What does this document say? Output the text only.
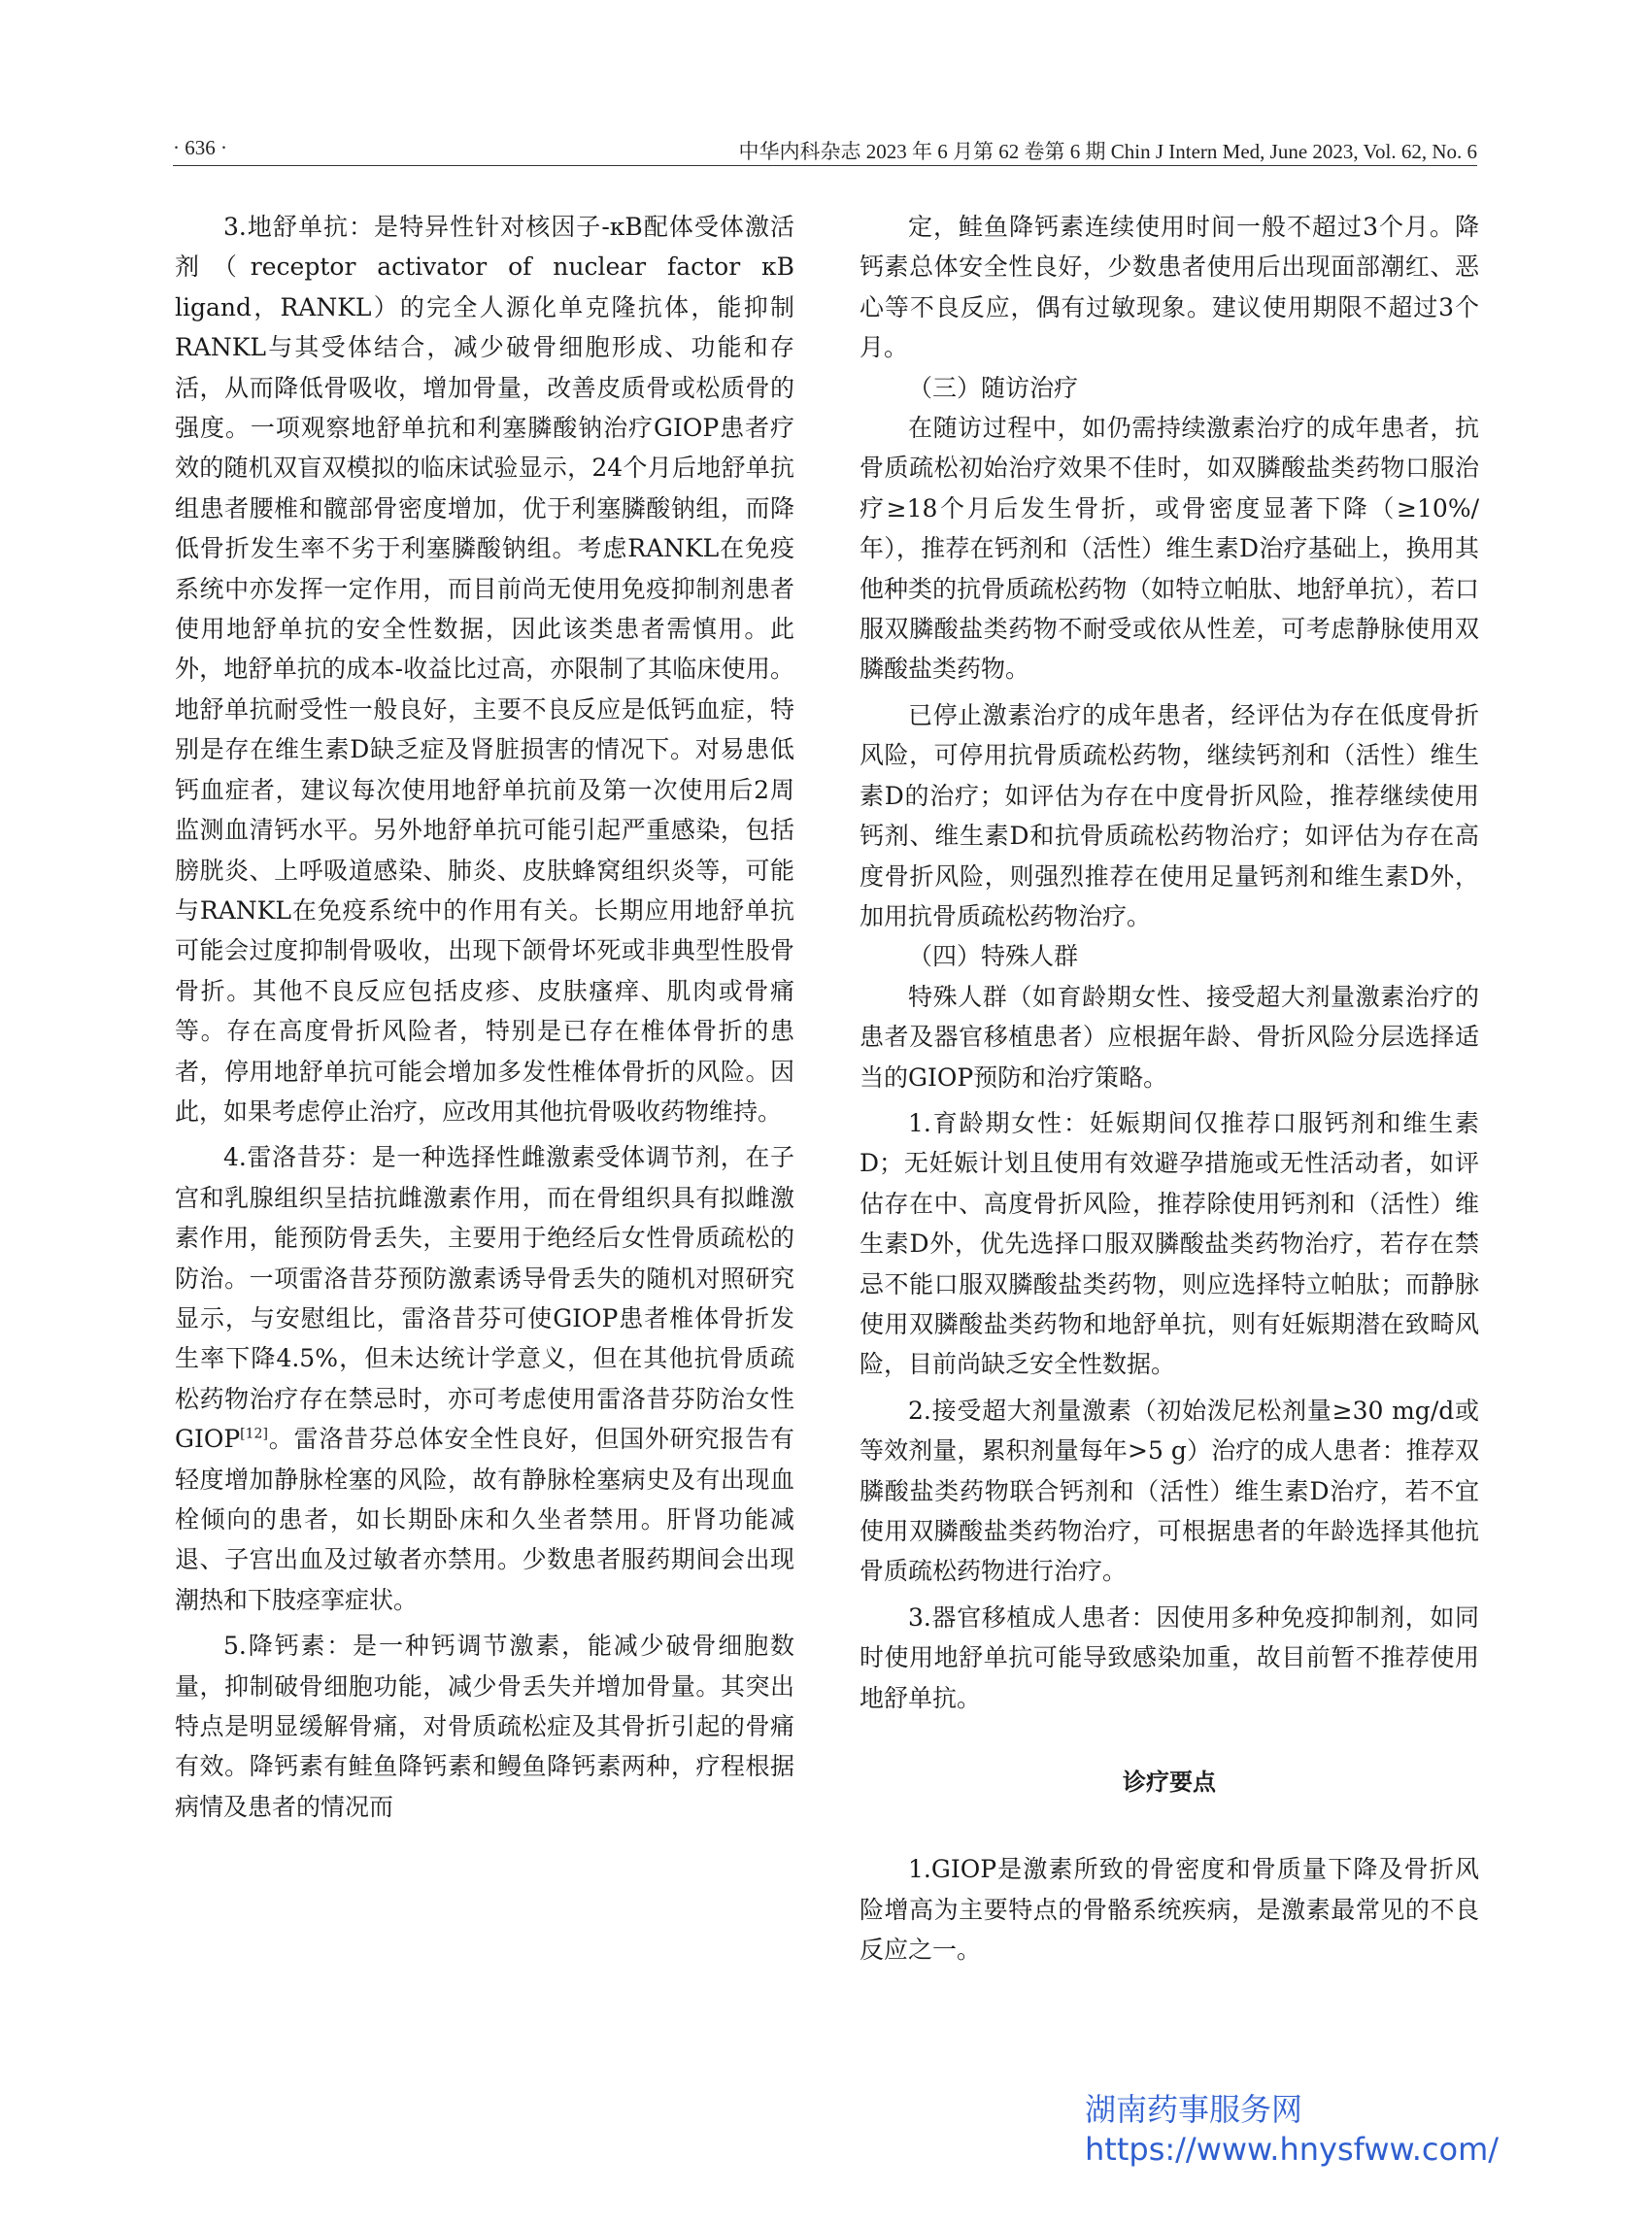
· 636 ·	中华内科杂志 2023 年 6 月第 62 卷第 6 期 Chin J Intern Med, June 2023, Vol. 62, No. 6

3.地舒单抗：是特异性针对核因子-κB配体受体激活剂（receptor activator of nuclear factor κB ligand，RANKL）的完全人源化单克隆抗体，能抑制RANKL与其受体结合，减少破骨细胞形成、功能和存活，从而降低骨吸收，增加骨量，改善皮质骨或松质骨的强度。一项观察地舒单抗和利塞膦酸钠治疗GIOP患者疗效的随机双盲双模拟的临床试验显示，24个月后地舒单抗组患者腰椎和髋部骨密度增加，优于利塞膦酸钠组，而降低骨折发生率不劣于利塞膦酸钠组。考虑RANKL在免疫系统中亦发挥一定作用，而目前尚无使用免疫抑制剂患者使用地舒单抗的安全性数据，因此该类患者需慎用。此外，地舒单抗的成本-收益比过高，亦限制了其临床使用。地舒单抗耐受性一般良好，主要不良反应是低钙血症，特别是存在维生素D缺乏症及肾脏损害的情况下。对易患低钙血症者，建议每次使用地舒单抗前及第一次使用后2周监测血清钙水平。另外地舒单抗可能引起严重感染，包括膀胱炎、上呼吸道感染、肺炎、皮肤蜂窝组织炎等，可能与RANKL在免疫系统中的作用有关。长期应用地舒单抗可能会过度抑制骨吸收，出现下颌骨坏死或非典型性股骨骨折。其他不良反应包括皮疹、皮肤瘙痒、肌肉或骨痛等。存在高度骨折风险者，特别是已存在椎体骨折的患者，停用地舒单抗可能会增加多发性椎体骨折的风险。因此，如果考虑停止治疗，应改用其他抗骨吸收药物维持。

4.雷洛昔芬：是一种选择性雌激素受体调节剂，在子宫和乳腺组织呈拮抗雌激素作用，而在骨组织具有拟雌激素作用，能预防骨丢失，主要用于绝经后女性骨质疏松的防治。一项雷洛昔芬预防激素诱导骨丢失的随机对照研究显示，与安慰组比，雷洛昔芬可使GIOP患者椎体骨折发生率下降4.5%，但未达统计学意义，但在其他抗骨质疏松药物治疗存在禁忌时，亦可考虑使用雷洛昔芬防治女性GIOP[12]。雷洛昔芬总体安全性良好，但国外研究报告有轻度增加静脉栓塞的风险，故有静脉栓塞病史及有出现血栓倾向的患者，如长期卧床和久坐者禁用。肝肾功能减退、子宫出血及过敏者亦禁用。少数患者服药期间会出现潮热和下肢痉挛症状。

5.降钙素：是一种钙调节激素，能减少破骨细胞数量，抑制破骨细胞功能，减少骨丢失并增加骨量。其突出特点是明显缓解骨痛，对骨质疏松症及其骨折引起的骨痛有效。降钙素有鲑鱼降钙素和鳗鱼降钙素两种，疗程根据病情及患者的情况而

定，鲑鱼降钙素连续使用时间一般不超过3个月。降钙素总体安全性良好，少数患者使用后出现面部潮红、恶心等不良反应，偶有过敏现象。建议使用期限不超过3个月。

（三）随访治疗

在随访过程中，如仍需持续激素治疗的成年患者，抗骨质疏松初始治疗效果不佳时，如双膦酸盐类药物口服治疗≥18个月后发生骨折，或骨密度显著下降（≥10%/年），推荐在钙剂和（活性）维生素D治疗基础上，换用其他种类的抗骨质疏松药物（如特立帕肽、地舒单抗），若口服双膦酸盐类药物不耐受或依从性差，可考虑静脉使用双膦酸盐类药物。

已停止激素治疗的成年患者，经评估为存在低度骨折风险，可停用抗骨质疏松药物，继续钙剂和（活性）维生素D的治疗；如评估为存在中度骨折风险，推荐继续使用钙剂、维生素D和抗骨质疏松药物治疗；如评估为存在高度骨折风险，则强烈推荐在使用足量钙剂和维生素D外，加用抗骨质疏松药物治疗。

（四）特殊人群

特殊人群（如育龄期女性、接受超大剂量激素治疗的患者及器官移植患者）应根据年龄、骨折风险分层选择适当的GIOP预防和治疗策略。

1.育龄期女性：妊娠期间仅推荐口服钙剂和维生素D；无妊娠计划且使用有效避孕措施或无性活动者，如评估存在中、高度骨折风险，推荐除使用钙剂和（活性）维生素D外，优先选择口服双膦酸盐类药物治疗，若存在禁忌不能口服双膦酸盐类药物，则应选择特立帕肽；而静脉使用双膦酸盐类药物和地舒单抗，则有妊娠期潜在致畸风险，目前尚缺乏安全性数据。

2.接受超大剂量激素（初始泼尼松剂量≥30 mg/d或等效剂量，累积剂量每年>5 g）治疗的成人患者：推荐双膦酸盐类药物联合钙剂和（活性）维生素D治疗，若不宜使用双膦酸盐类药物治疗，可根据患者的年龄选择其他抗骨质疏松药物进行治疗。

3.器官移植成人患者：因使用多种免疫抑制剂，如同时使用地舒单抗可能导致感染加重，故目前暂不推荐使用地舒单抗。

诊疗要点

1.GIOP是激素所致的骨密度和骨质量下降及骨折风险增高为主要特点的骨骼系统疾病，是激素最常见的不良反应之一。

湖南药事服务网
https://www.hnysfww.com/
